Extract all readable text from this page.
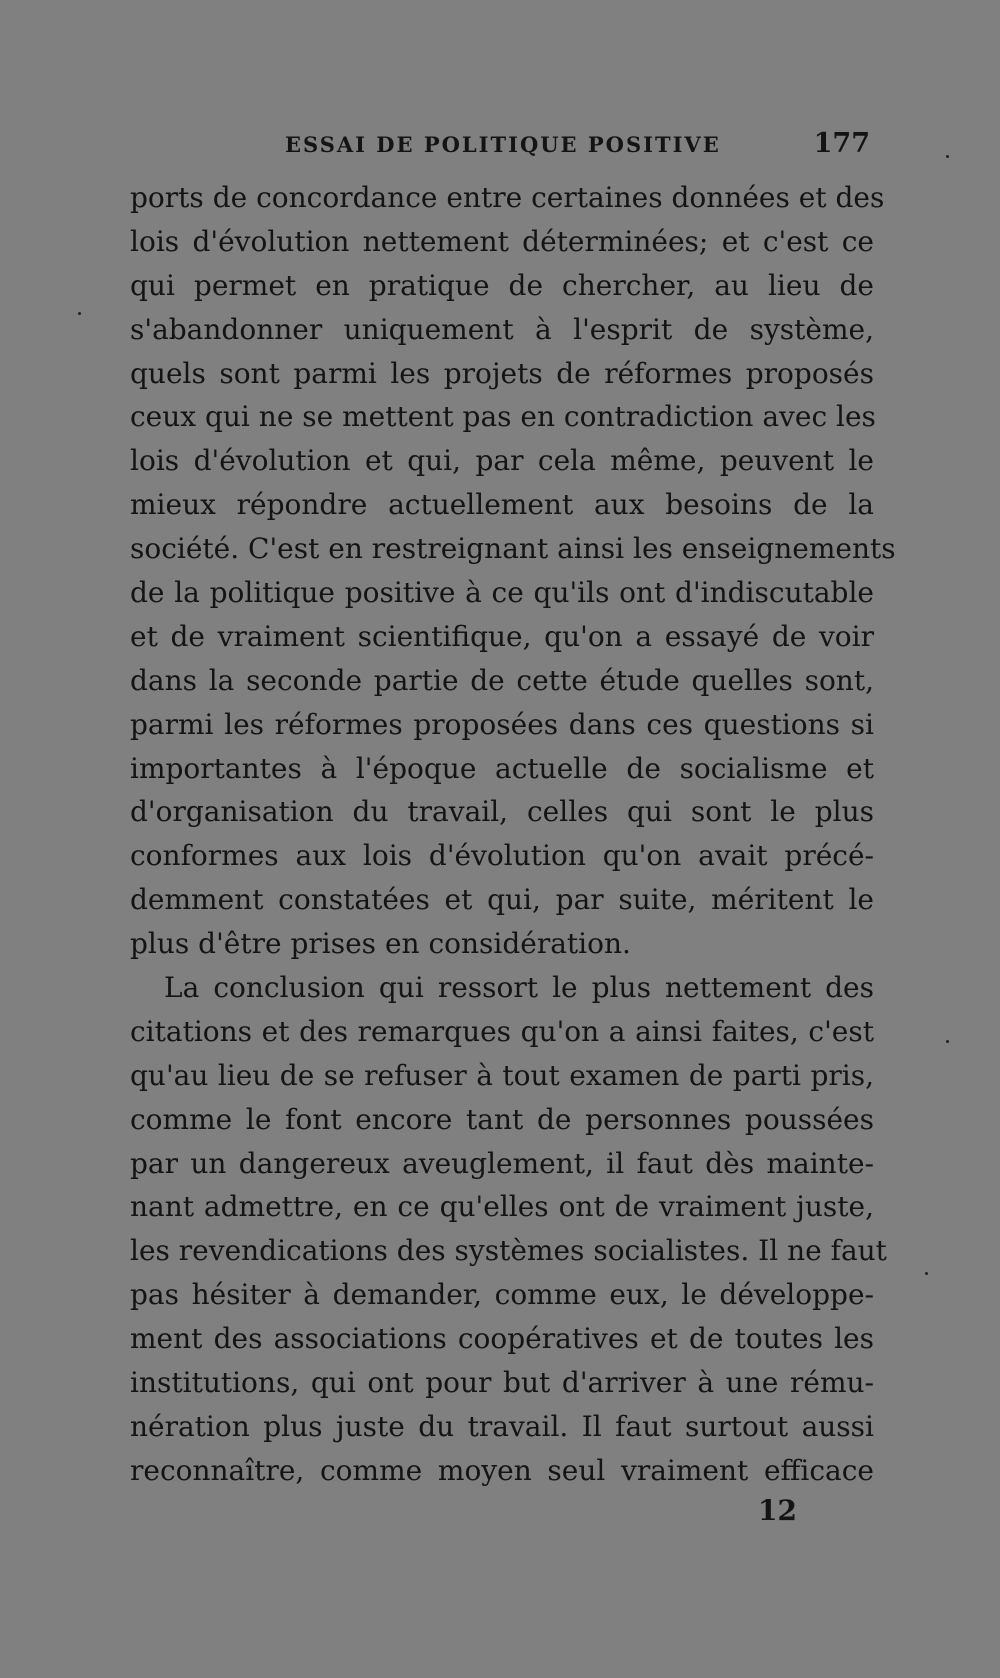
ESSAI DE POLITIQUE POSITIVE	177
ports de concordance entre certaines données et des
lois d'évolution nettement déterminées; et c'est ce
qui permet en pratique de chercher, au lieu de
s'abandonner uniquement à l'esprit de système,
quels sont parmi les projets de réformes proposés
ceux qui ne se mettent pas en contradiction avec les
lois d'évolution et qui, par cela même, peuvent le
mieux répondre actuellement aux besoins de la
société. C'est en restreignant ainsi les enseignements
de la politique positive à ce qu'ils ont d'indiscutable
et de vraiment scientifique, qu'on a essayé de voir
dans la seconde partie de cette étude quelles sont,
parmi les réformes proposées dans ces questions si
importantes à l'époque actuelle de socialisme et
d'organisation du travail, celles qui sont le plus
conformes aux lois d'évolution qu'on avait précé-
demment constatées et qui, par suite, méritent le
plus d'être prises en considération.
La conclusion qui ressort le plus nettement des
citations et des remarques qu'on a ainsi faites, c'est
qu'au lieu de se refuser à tout examen de parti pris,
comme le font encore tant de personnes poussées
par un dangereux aveuglement, il faut dès mainte-
nant admettre, en ce qu'elles ont de vraiment juste,
les revendications des systèmes socialistes. Il ne faut
pas hésiter à demander, comme eux, le développe-
ment des associations coopératives et de toutes les
institutions, qui ont pour but d'arriver à une rému-
nération plus juste du travail. Il faut surtout aussi
reconnaître, comme moyen seul vraiment efficace
12
